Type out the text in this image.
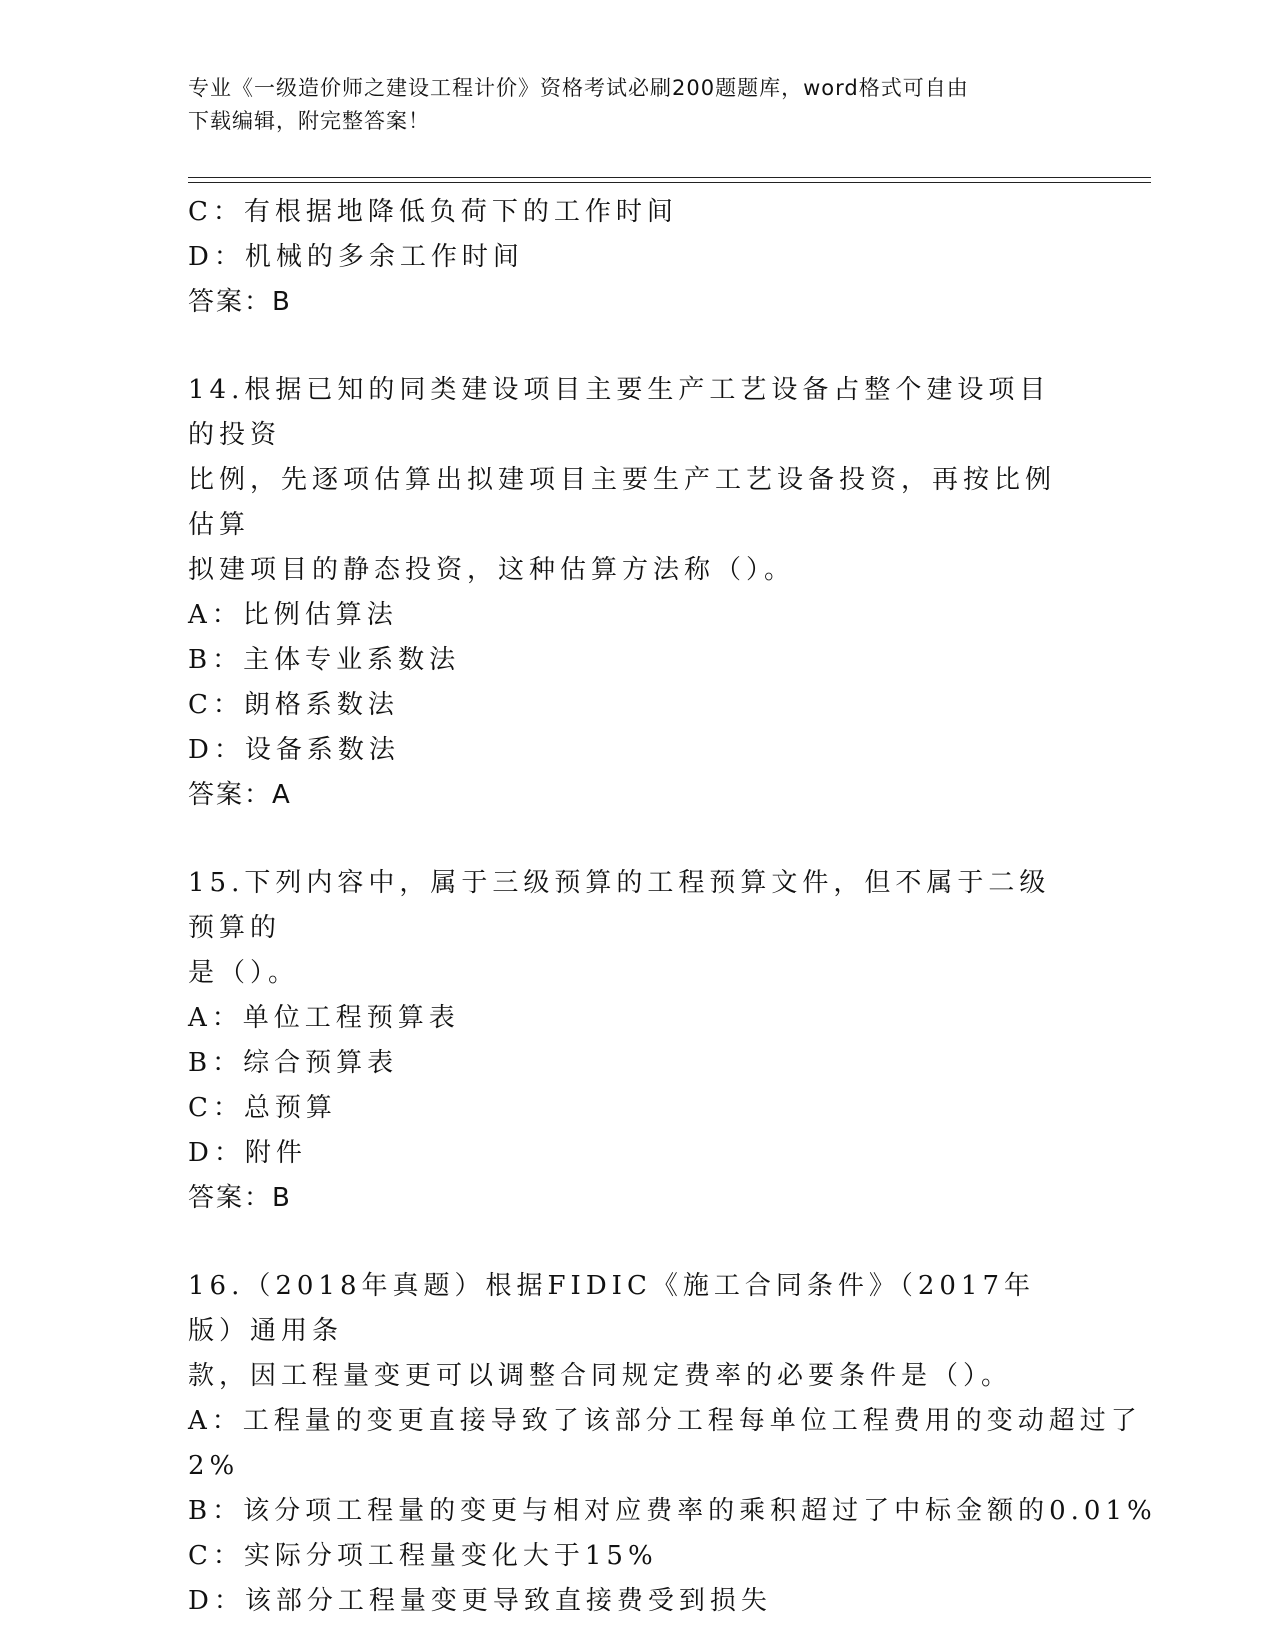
专业《一级造价师之建设工程计价》资格考试必刷200题题库，word格式可自由
下载编辑，附完整答案！
C：有根据地降低负荷下的工作时间
D：机械的多余工作时间
答案：B
14.根据已知的同类建设项目主要生产工艺设备占整个建设项目的投资
比例，先逐项估算出拟建项目主要生产工艺设备投资，再按比例估算
拟建项目的静态投资，这种估算方法称（）。
A：比例估算法
B：主体专业系数法
C：朗格系数法
D：设备系数法
答案：A
15.下列内容中，属于三级预算的工程预算文件，但不属于二级预算的
是（）。
A：单位工程预算表
B：综合预算表
C：总预算
D：附件
答案：B
16.（2018年真题）根据FIDIC《施工合同条件》（2017年版）通用条
款，因工程量变更可以调整合同规定费率的必要条件是（）。
A：工程量的变更直接导致了该部分工程每单位工程费用的变动超过了
2%
B：该分项工程量的变更与相对应费率的乘积超过了中标金额的0.01%
C：实际分项工程量变化大于15%
D：该部分工程量变更导致直接费受到损失
